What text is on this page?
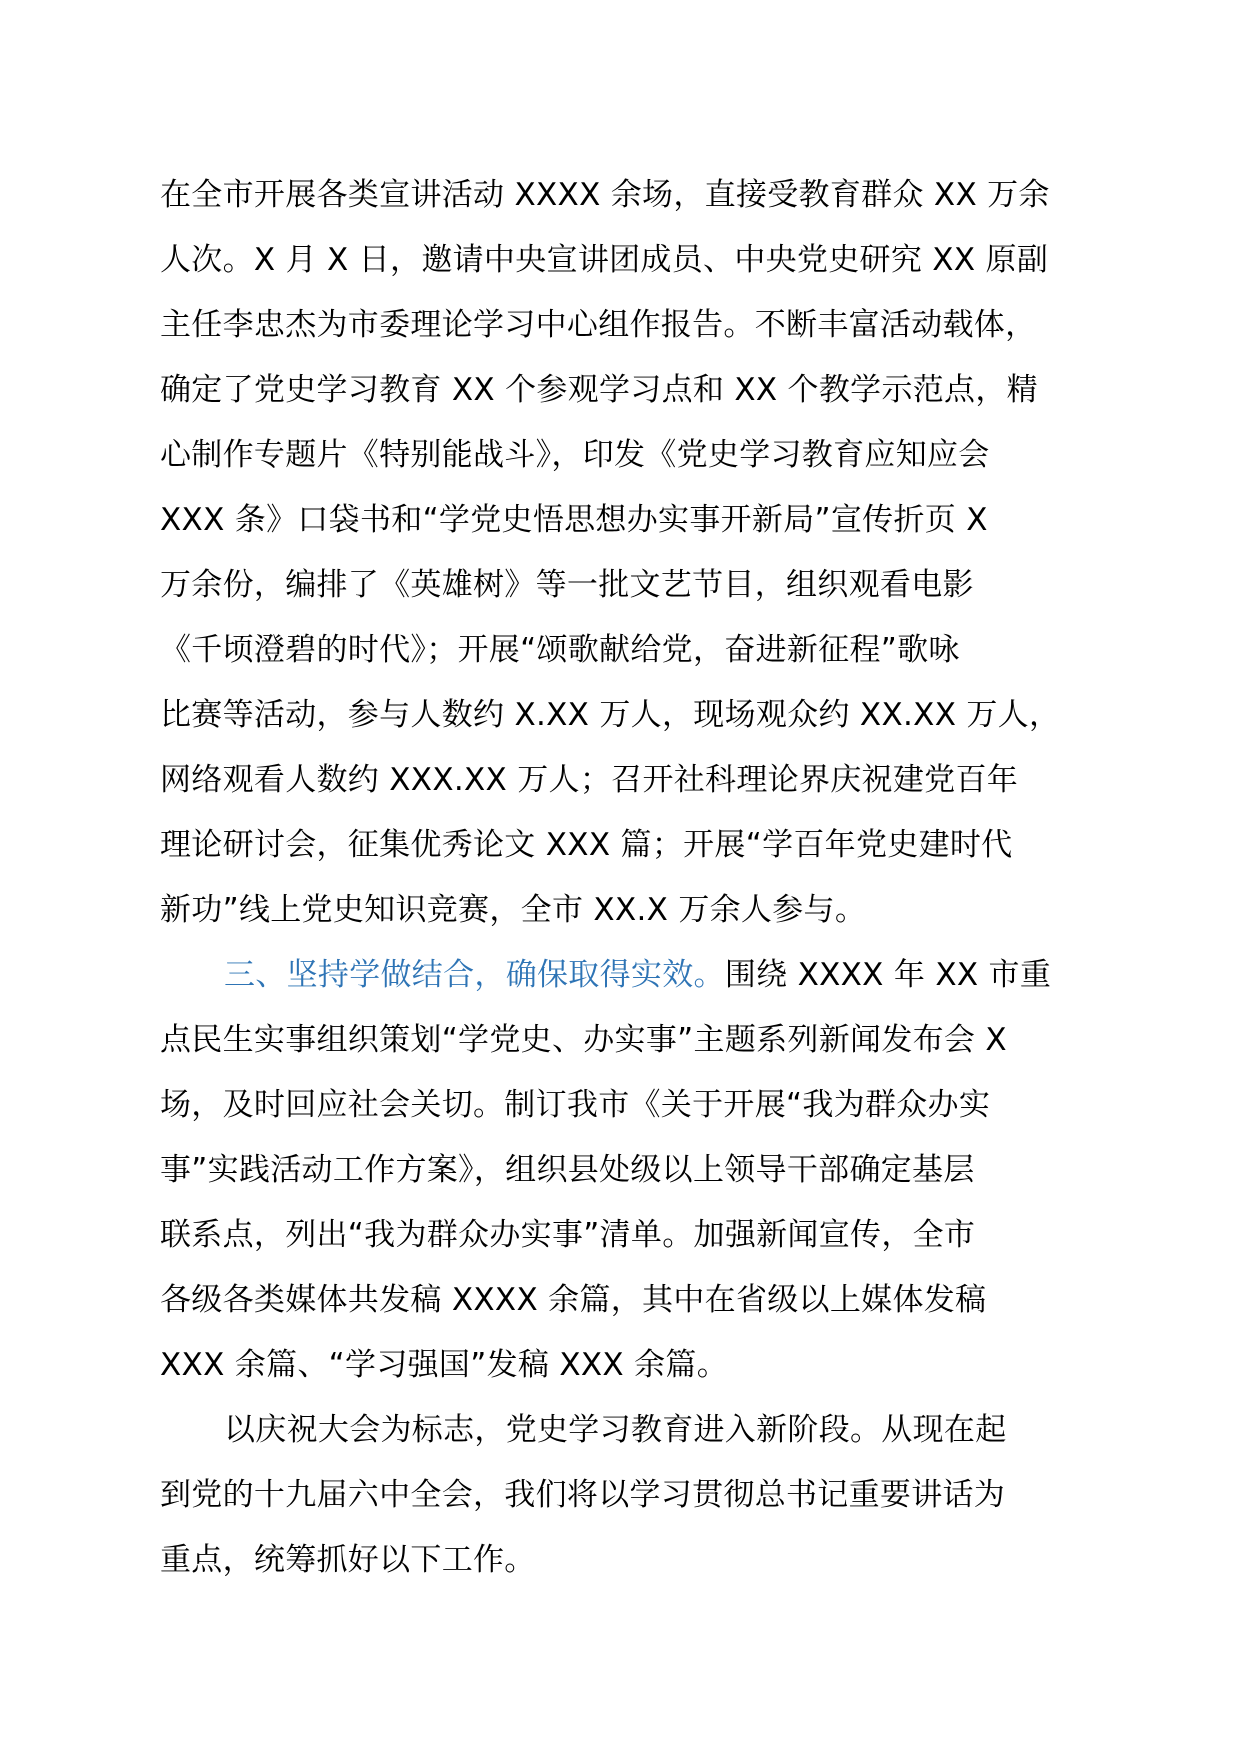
在全市开展各类宣讲活动 XXXX 余场，直接受教育群众 XX 万余
人次。X 月 X 日，邀请中央宣讲团成员、中央党史研究 XX 原副
主任李忠杰为市委理论学习中心组作报告。不断丰富活动载体，
确定了党史学习教育 XX 个参观学习点和 XX 个教学示范点，精
心制作专题片《特别能战斗》，印发《党史学习教育应知应会
XXX 条》口袋书和“学党史悟思想办实事开新局”宣传折页 X
万余份，编排了《英雄树》等一批文艺节目，组织观看电影
《千顷澄碧的时代》；开展“颂歌献给党，奋进新征程”歌咏
比赛等活动，参与人数约 X.XX 万人，现场观众约 XX.XX 万人，
网络观看人数约 XXX.XX 万人；召开社科理论界庆祝建党百年
理论研讨会，征集优秀论文 XXX 篇；开展“学百年党史建时代
新功”线上党史知识竞赛，全市 XX.X 万余人参与。
三、坚持学做结合，确保取得实效。围绕 XXXX 年 XX 市重
点民生实事组织策划“学党史、办实事”主题系列新闻发布会 X
场，及时回应社会关切。制订我市《关于开展“我为群众办实
事”实践活动工作方案》，组织县处级以上领导干部确定基层
联系点，列出“我为群众办实事”清单。加强新闻宣传，全市
各级各类媒体共发稿 XXXX 余篇，其中在省级以上媒体发稿
XXX 余篇、“学习强国”发稿 XXX 余篇。
以庆祝大会为标志，党史学习教育进入新阶段。从现在起
到党的十九届六中全会，我们将以学习贯彻总书记重要讲话为
重点，统筹抓好以下工作。
